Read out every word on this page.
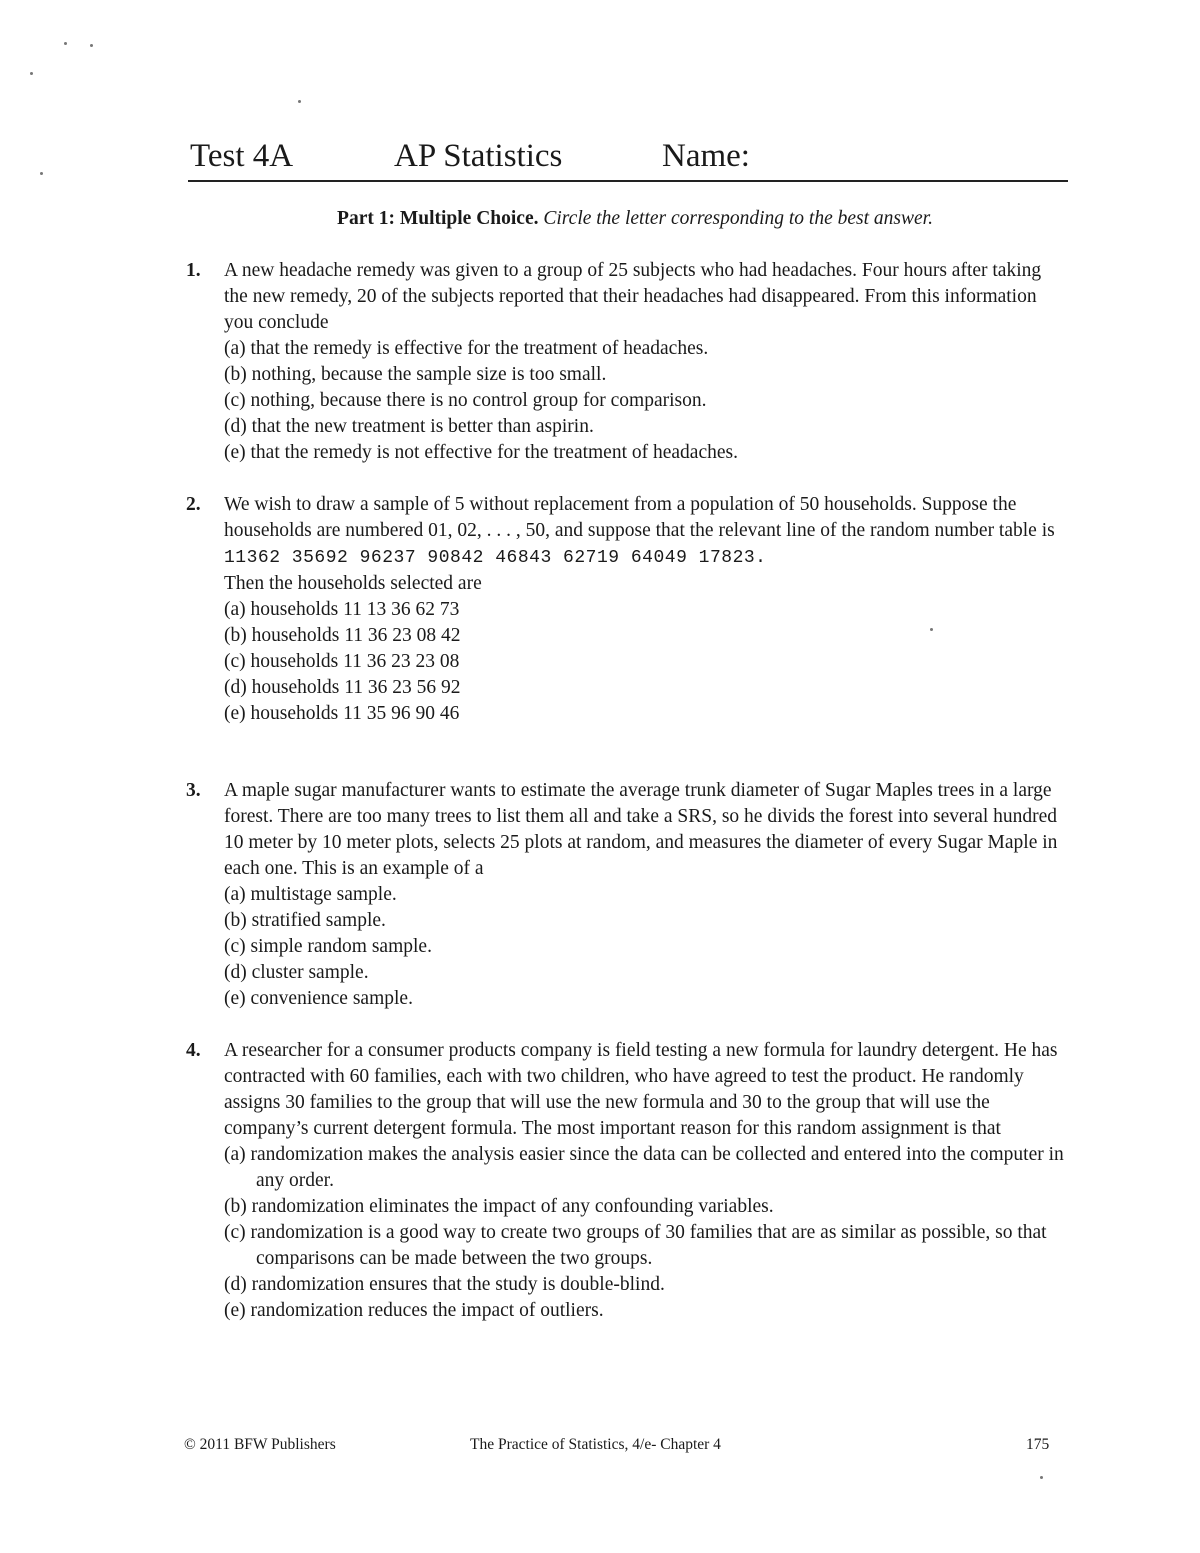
Test 4A	AP Statistics	Name:
Part 1: Multiple Choice. Circle the letter corresponding to the best answer.
1. A new headache remedy was given to a group of 25 subjects who had headaches. Four hours after taking the new remedy, 20 of the subjects reported that their headaches had disappeared. From this information you conclude
(a) that the remedy is effective for the treatment of headaches.
(b) nothing, because the sample size is too small.
(c) nothing, because there is no control group for comparison.
(d) that the new treatment is better than aspirin.
(e) that the remedy is not effective for the treatment of headaches.
2. We wish to draw a sample of 5 without replacement from a population of 50 households. Suppose the households are numbered 01, 02, . . . , 50, and suppose that the relevant line of the random number table is 11362 35692 96237 90842 46843 62719 64049 17823.
Then the households selected are
(a) households 11 13 36 62 73
(b) households 11 36 23 08 42
(c) households 11 36 23 23 08
(d) households 11 36 23 56 92
(e) households 11 35 96 90 46
3. A maple sugar manufacturer wants to estimate the average trunk diameter of Sugar Maples trees in a large forest. There are too many trees to list them all and take a SRS, so he divids the forest into several hundred 10 meter by 10 meter plots, selects 25 plots at random, and measures the diameter of every Sugar Maple in each one. This is an example of a
(a) multistage sample.
(b) stratified sample.
(c) simple random sample.
(d) cluster sample.
(e) convenience sample.
4. A researcher for a consumer products company is field testing a new formula for laundry detergent. He has contracted with 60 families, each with two children, who have agreed to test the product. He randomly assigns 30 families to the group that will use the new formula and 30 to the group that will use the company’s current detergent formula. The most important reason for this random assignment is that
(a) randomization makes the analysis easier since the data can be collected and entered into the computer in any order.
(b) randomization eliminates the impact of any confounding variables.
(c) randomization is a good way to create two groups of 30 families that are as similar as possible, so that comparisons can be made between the two groups.
(d) randomization ensures that the study is double-blind.
(e) randomization reduces the impact of outliers.
© 2011 BFW Publishers	The Practice of Statistics, 4/e- Chapter 4	175
